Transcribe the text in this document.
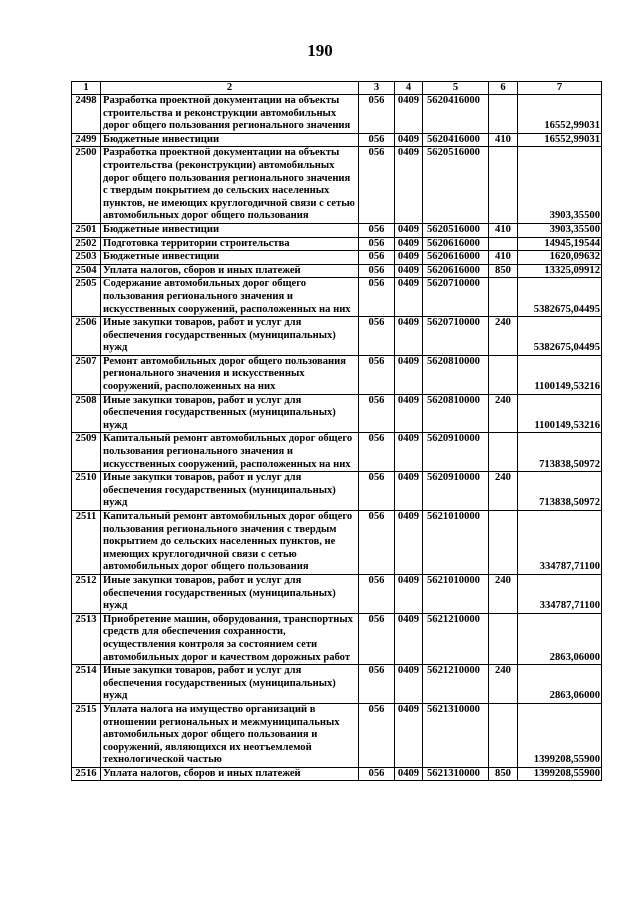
190
1	2	3	4	5	6	7
2498	Разработка проектной документации на объекты строительства и реконструкции автомобильных дорог общего пользования регионального значения	056	0409	5620416000		16552,99031
2499	Бюджетные инвестиции	056	0409	5620416000	410	16552,99031
2500	Разработка проектной документации на объекты строительства (реконструкции) автомобильных дорог общего пользования регионального значения с твердым покрытием до сельских населенных пунктов, не имеющих круглогодичной связи с сетью автомобильных дорог общего пользования	056	0409	5620516000		3903,35500
2501	Бюджетные инвестиции	056	0409	5620516000	410	3903,35500
2502	Подготовка территории строительства	056	0409	5620616000		14945,19544
2503	Бюджетные инвестиции	056	0409	5620616000	410	1620,09632
2504	Уплата налогов, сборов и иных платежей	056	0409	5620616000	850	13325,09912
2505	Содержание автомобильных дорог общего пользования регионального значения и искусственных сооружений, расположенных на них	056	0409	5620710000		5382675,04495
2506	Иные закупки товаров, работ и услуг для обеспечения государственных (муниципальных) нужд	056	0409	5620710000	240	5382675,04495
2507	Ремонт автомобильных дорог общего пользования регионального значения и искусственных сооружений, расположенных на них	056	0409	5620810000		1100149,53216
2508	Иные закупки товаров, работ и услуг для обеспечения государственных (муниципальных) нужд	056	0409	5620810000	240	1100149,53216
2509	Капитальный ремонт автомобильных дорог общего пользования регионального значения и искусственных сооружений, расположенных на них	056	0409	5620910000		713838,50972
2510	Иные закупки товаров, работ и услуг для обеспечения государственных (муниципальных) нужд	056	0409	5620910000	240	713838,50972
2511	Капитальный ремонт автомобильных дорог общего пользования регионального значения с твердым покрытием до сельских населенных пунктов, не имеющих круглогодичной связи с сетью автомобильных дорог общего пользования	056	0409	5621010000		334787,71100
2512	Иные закупки товаров, работ и услуг для обеспечения государственных (муниципальных) нужд	056	0409	5621010000	240	334787,71100
2513	Приобретение машин, оборудования, транспортных средств для обеспечения сохранности, осуществления контроля за состоянием сети автомобильных дорог и качеством дорожных работ	056	0409	5621210000		2863,06000
2514	Иные закупки товаров, работ и услуг для обеспечения государственных (муниципальных) нужд	056	0409	5621210000	240	2863,06000
2515	Уплата налога на имущество организаций в отношении региональных и межмуниципальных автомобильных дорог общего пользования и сооружений, являющихся их неотъемлемой технологической частью	056	0409	5621310000		1399208,55900
2516	Уплата налогов, сборов и иных платежей	056	0409	5621310000	850	1399208,55900
